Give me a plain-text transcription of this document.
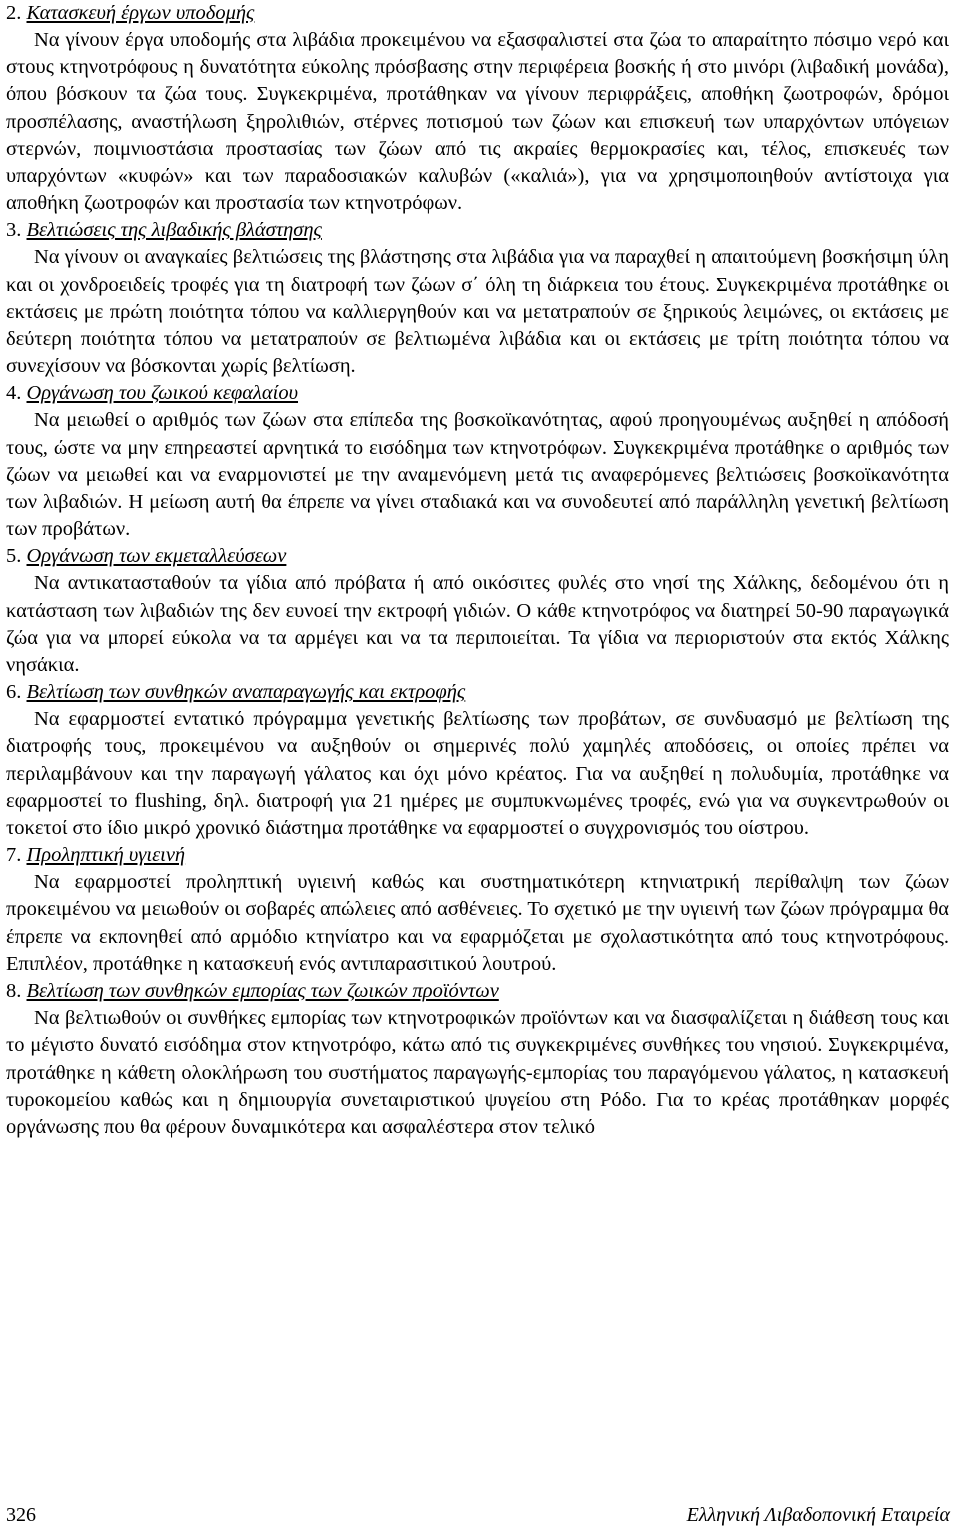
2. Κατασκευή έργων υποδομής

Να γίνουν έργα υποδομής στα λιβάδια προκειμένου να εξασφαλιστεί στα ζώα το απαραίτητο πόσιμο νερό και στους κτηνοτρόφους η δυνατότητα εύκολης πρόσβασης στην περιφέρεια βοσκής ή στο μινόρι (λιβαδική μονάδα), όπου βόσκουν τα ζώα τους. Συγκεκριμένα, προτάθηκαν να γίνουν περιφράξεις, αποθήκη ζωοτροφών, δρόμοι προσπέλασης, αναστήλωση ξηρολιθιών, στέρνες ποτισμού των ζώων και επισκευή των υπαρχόντων υπόγειων στερνών, ποιμνιοστάσια προστασίας των ζώων από τις ακραίες θερμοκρασίες και, τέλος, επισκευές των υπαρχόντων «κυφών» και των παραδοσιακών καλυβών («καλιά»), για να χρησιμοποιηθούν αντίστοιχα για αποθήκη ζωοτροφών και προστασία των κτηνοτρόφων.

3. Βελτιώσεις της λιβαδικής βλάστησης

Να γίνουν οι αναγκαίες βελτιώσεις της βλάστησης στα λιβάδια για να παραχθεί η απαιτούμενη βοσκήσιμη ύλη και οι χονδροειδείς τροφές για τη διατροφή των ζώων σ΄ όλη τη διάρκεια του έτους. Συγκεκριμένα προτάθηκε οι εκτάσεις με πρώτη ποιότητα τόπου να καλλιεργηθούν και να μετατραπούν σε ξηρικούς λειμώνες, οι εκτάσεις με δεύτερη ποιότητα τόπου να μετατραπούν σε βελτιωμένα λιβάδια και οι εκτάσεις με τρίτη ποιότητα τόπου να συνεχίσουν να βόσκονται χωρίς βελτίωση.

4. Οργάνωση του ζωικού κεφαλαίου

Να μειωθεί ο αριθμός των ζώων στα επίπεδα της βοσκοϊκανότητας, αφού προηγουμένως αυξηθεί η απόδοσή τους, ώστε να μην επηρεαστεί αρνητικά το εισόδημα των κτηνοτρόφων. Συγκεκριμένα προτάθηκε ο αριθμός των ζώων να μειωθεί και να εναρμονιστεί με την αναμενόμενη μετά τις αναφερόμενες βελτιώσεις βοσκοϊκανότητα των λιβαδιών. Η μείωση αυτή θα έπρεπε να γίνει σταδιακά και να συνοδευτεί από παράλληλη γενετική βελτίωση των προβάτων.

5. Οργάνωση των εκμεταλλεύσεων

Να αντικατασταθούν τα γίδια από πρόβατα ή από οικόσιτες φυλές στο νησί της Χάλκης, δεδομένου ότι η κατάσταση των λιβαδιών της δεν ευνοεί την εκτροφή γιδιών. Ο κάθε κτηνοτρόφος να διατηρεί 50-90 παραγωγικά ζώα για να μπορεί εύκολα να τα αρμέγει και να τα περιποιείται. Τα γίδια να περιοριστούν στα εκτός Χάλκης νησάκια.

6. Βελτίωση των συνθηκών αναπαραγωγής και εκτροφής

Να εφαρμοστεί εντατικό πρόγραμμα γενετικής βελτίωσης των προβάτων, σε συνδυασμό με βελτίωση της διατροφής τους, προκειμένου να αυξηθούν οι σημερινές πολύ χαμηλές αποδόσεις, οι οποίες πρέπει να περιλαμβάνουν και την παραγωγή γάλατος και όχι μόνο κρέατος. Για να αυξηθεί η πολυδυμία, προτάθηκε να εφαρμοστεί το flushing, δηλ. διατροφή για 21 ημέρες με συμπυκνωμένες τροφές, ενώ για να συγκεντρωθούν οι τοκετοί στο ίδιο μικρό χρονικό διάστημα προτάθηκε να εφαρμοστεί ο συγχρονισμός του οίστρου.

7. Προληπτική υγιεινή

Να εφαρμοστεί προληπτική υγιεινή καθώς και συστηματικότερη κτηνιατρική περίθαλψη των ζώων προκειμένου να μειωθούν οι σοβαρές απώλειες από ασθένειες. Το σχετικό με την υγιεινή των ζώων πρόγραμμα θα έπρεπε να εκπονηθεί από αρμόδιο κτηνίατρο και να εφαρμόζεται με σχολαστικότητα από τους κτηνοτρόφους. Επιπλέον, προτάθηκε η κατασκευή ενός αντιπαρασιτικού λουτρού.

8. Βελτίωση των συνθηκών εμπορίας των ζωικών προϊόντων

Να βελτιωθούν οι συνθήκες εμπορίας των κτηνοτροφικών προϊόντων και να διασφαλίζεται η διάθεση τους και το μέγιστο δυνατό εισόδημα στον κτηνοτρόφο, κάτω από τις συγκεκριμένες συνθήκες του νησιού. Συγκεκριμένα, προτάθηκε η κάθετη ολοκλήρωση του συστήματος παραγωγής-εμπορίας του παραγόμενου γάλατος, η κατασκευή τυροκομείου καθώς και η δημιουργία συνεταιριστικού ψυγείου στη Ρόδο. Για το κρέας προτάθηκαν μορφές οργάνωσης που θα φέρουν δυναμικότερα και ασφαλέστερα στον τελικό

326	Ελληνική Λιβαδοπονική Εταιρεία
